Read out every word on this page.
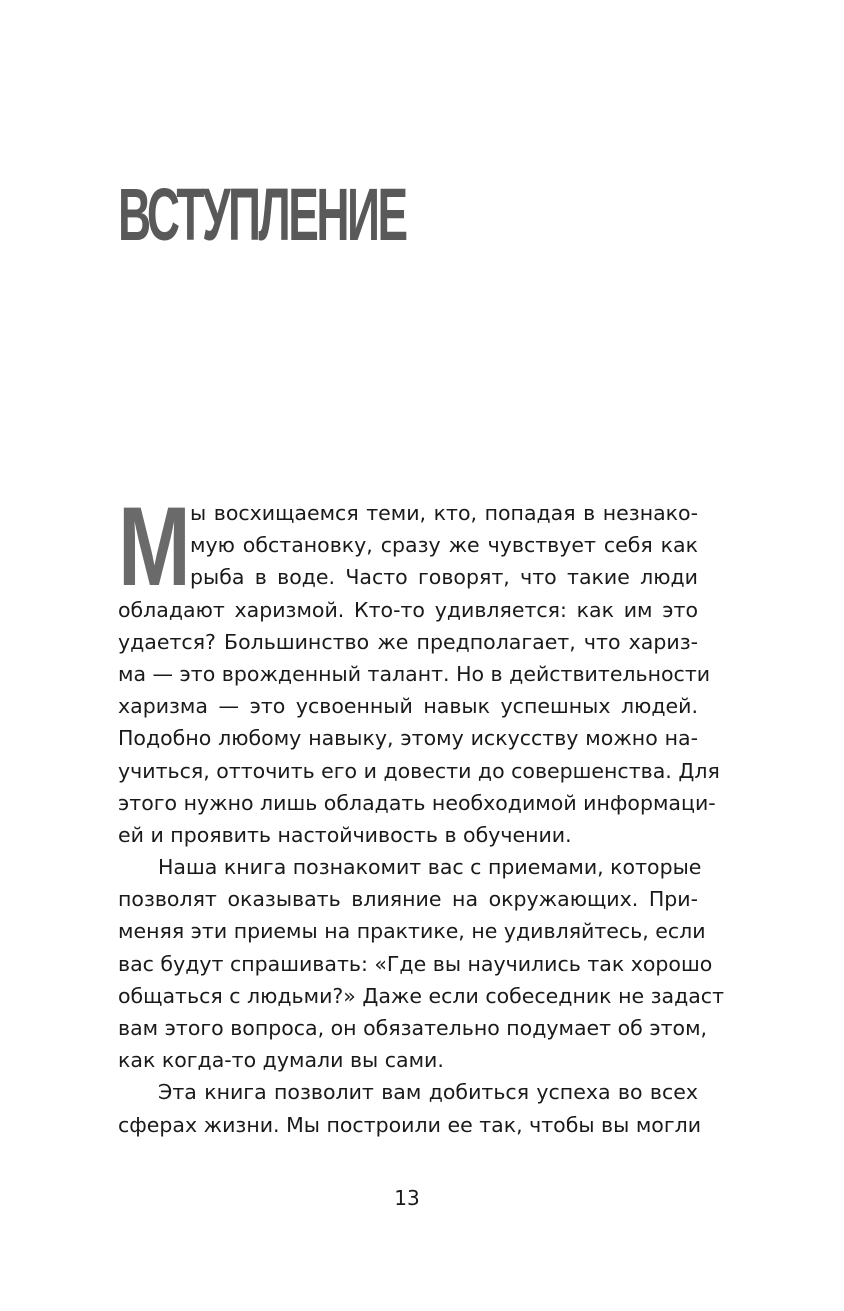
ВСТУПЛЕНИЕ
М ы восхищаемся теми, кто, попадая в незнако-
мую обстановку, сразу же чувствует себя как
рыба в воде. Часто говорят, что такие люди
обладают харизмой. Кто-то удивляется: как им это
удается? Большинство же предполагает, что хариз-
ма — это врожденный талант. Но в действительности
харизма — это усвоенный навык успешных людей.
Подобно любому навыку, этому искусству можно на-
учиться, отточить его и довести до совершенства. Для
этого нужно лишь обладать необходимой информаци-
ей и проявить настойчивость в обучении.
Наша книга познакомит вас с приемами, которые
позволят оказывать влияние на окружающих. При-
меняя эти приемы на практике, не удивляйтесь, если
вас будут спрашивать: «Где вы научились так хорошо
общаться с людьми?» Даже если собеседник не задаст
вам этого вопроса, он обязательно подумает об этом,
как когда-то думали вы сами.
Эта книга позволит вам добиться успеха во всех
сферах жизни. Мы построили ее так, чтобы вы могли
13
